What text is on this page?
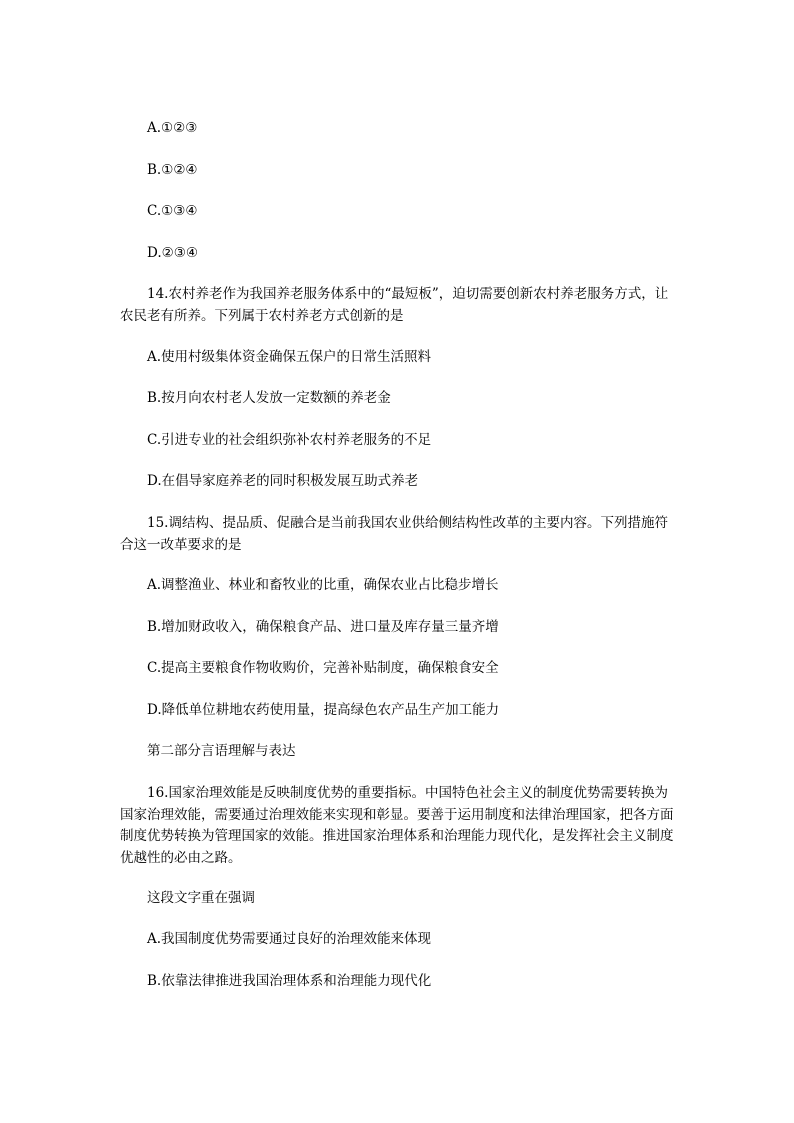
A.①②③
B.①②④
C.①③④
D.②③④
14.农村养老作为我国养老服务体系中的“最短板”，迫切需要创新农村养老服务方式，让农民老有所养。下列属于农村养老方式创新的是
A.使用村级集体资金确保五保户的日常生活照料
B.按月向农村老人发放一定数额的养老金
C.引进专业的社会组织弥补农村养老服务的不足
D.在倡导家庭养老的同时积极发展互助式养老
15.调结构、提品质、促融合是当前我国农业供给侧结构性改革的主要内容。下列措施符合这一改革要求的是
A.调整渔业、林业和畜牧业的比重，确保农业占比稳步增长
B.增加财政收入，确保粮食产品、进口量及库存量三量齐增
C.提高主要粮食作物收购价，完善补贴制度，确保粮食安全
D.降低单位耕地农药使用量，提高绿色农产品生产加工能力
第二部分言语理解与表达
16.国家治理效能是反映制度优势的重要指标。中国特色社会主义的制度优势需要转换为国家治理效能，需要通过治理效能来实现和彰显。要善于运用制度和法律治理国家，把各方面制度优势转换为管理国家的效能。推进国家治理体系和治理能力现代化，是发挥社会主义制度优越性的必由之路。
这段文字重在强调
A.我国制度优势需要通过良好的治理效能来体现
B.依靠法律推进我国治理体系和治理能力现代化
